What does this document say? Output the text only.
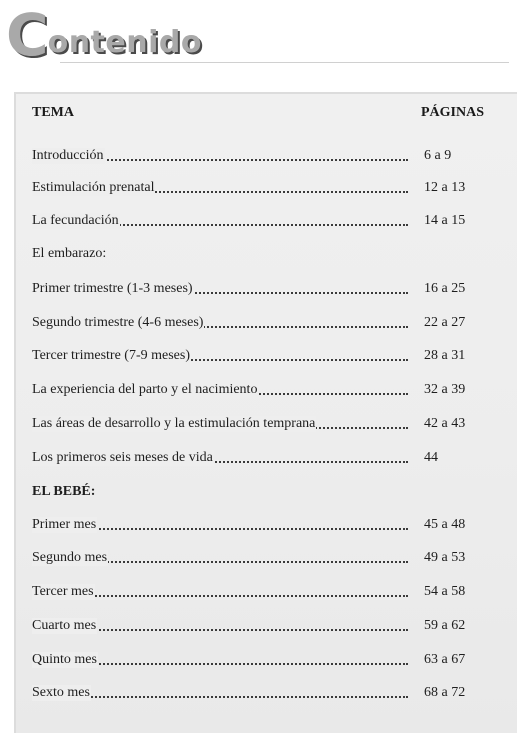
C ontenido
TEMA	PÁGINAS
Introducción	6 a 9
Estimulación prenatal	12 a 13
La fecundación	14 a 15
El embarazo:
Primer trimestre (1-3 meses)	16 a 25
Segundo trimestre (4-6 meses)	22 a 27
Tercer trimestre (7-9 meses)	28 a 31
La experiencia del parto y el nacimiento	32 a 39
Las áreas de desarrollo y la estimulación temprana	42 a 43
Los primeros seis meses de vida	44
EL BEBÉ:
Primer mes	45 a 48
Segundo mes	49 a 53
Tercer mes	54 a 58
Cuarto mes	59 a 62
Quinto mes	63 a 67
Sexto mes	68 a 72
